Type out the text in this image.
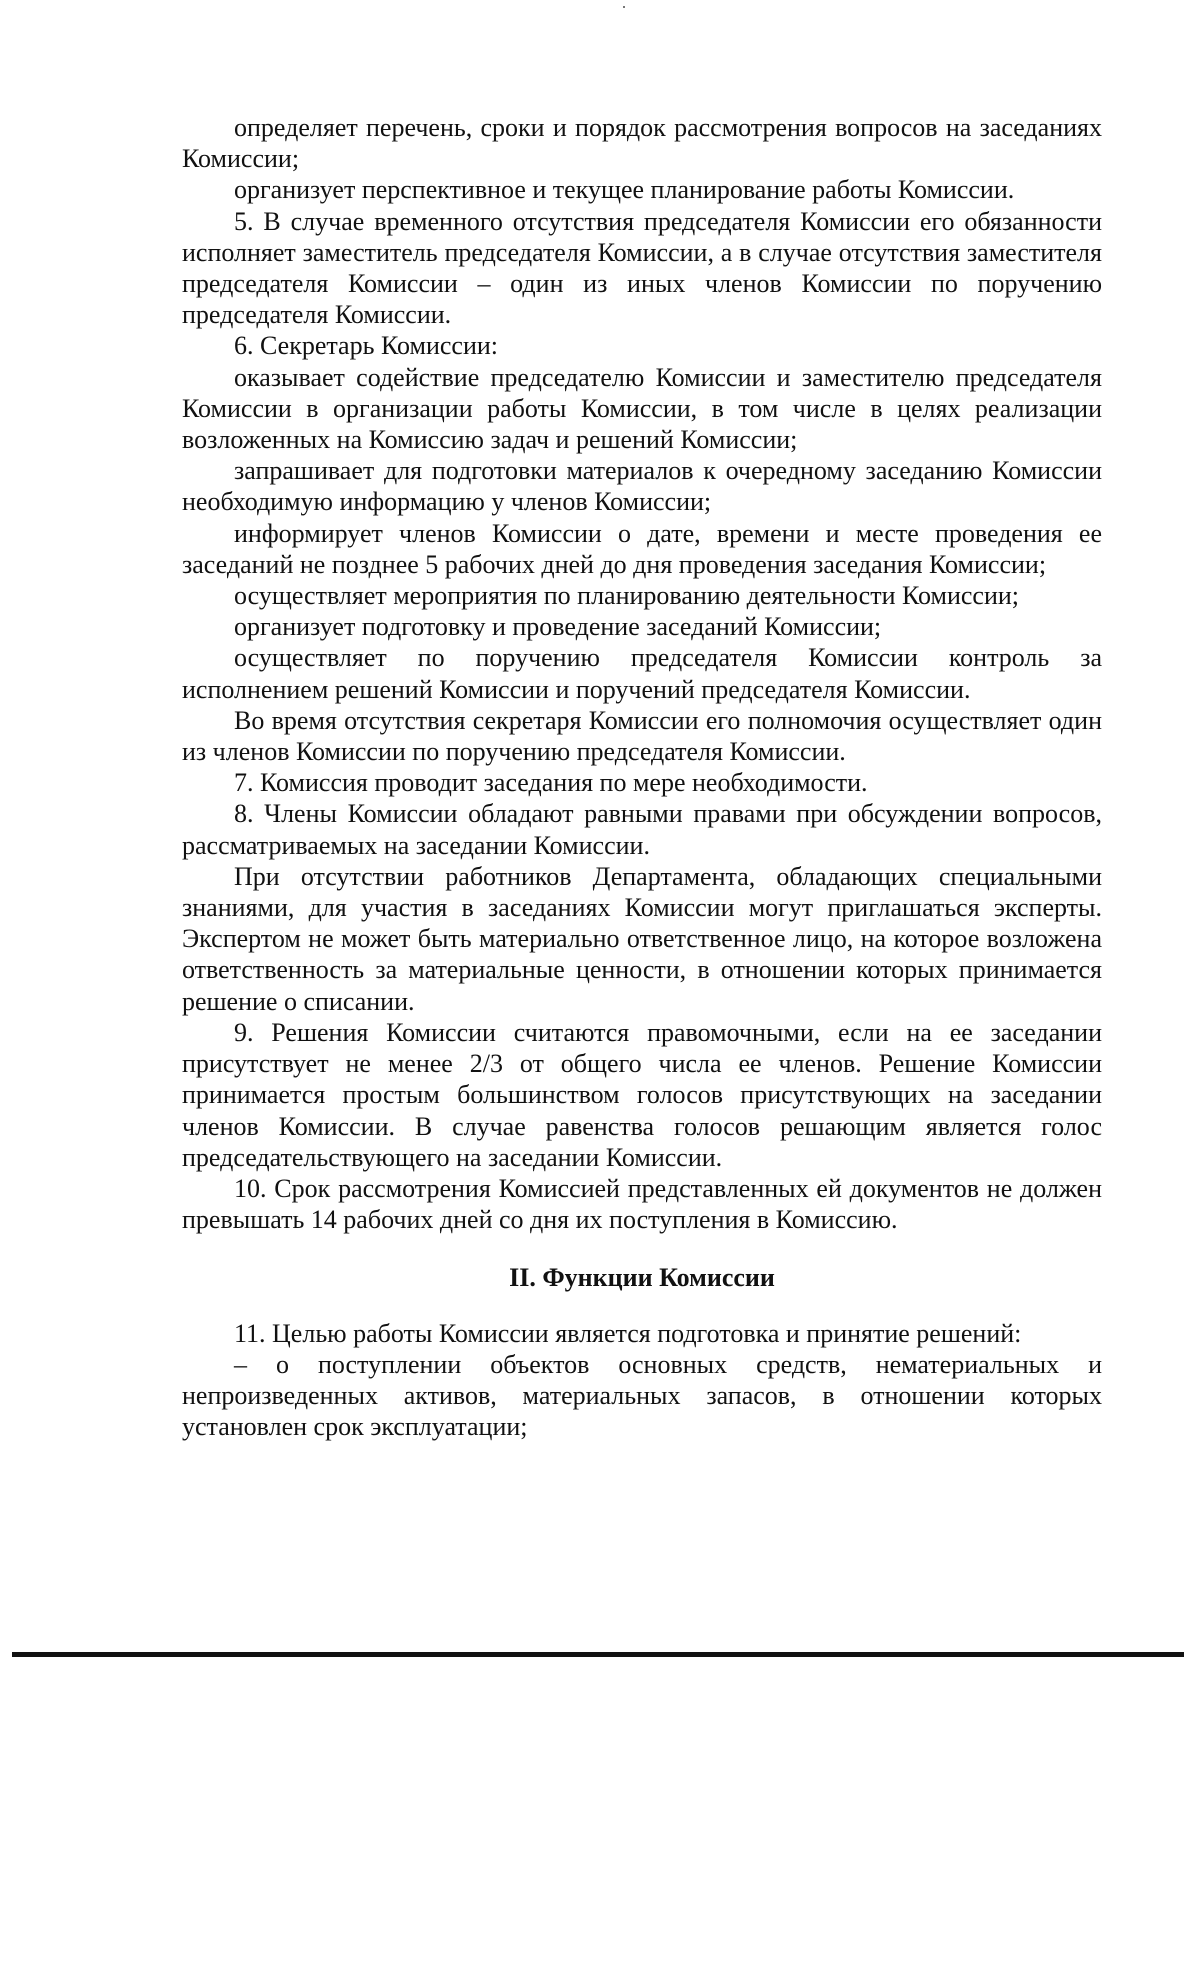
определяет перечень, сроки и порядок рассмотрения вопросов на заседаниях Комиссии;

организует перспективное и текущее планирование работы Комиссии.

5. В случае временного отсутствия председателя Комиссии его обязанности исполняет заместитель председателя Комиссии, а в случае отсутствия заместителя председателя Комиссии – один из иных членов Комиссии по поручению председателя Комиссии.

6. Секретарь Комиссии:

оказывает содействие председателю Комиссии и заместителю председателя Комиссии в организации работы Комиссии, в том числе в целях реализации возложенных на Комиссию задач и решений Комиссии;

запрашивает для подготовки материалов к очередному заседанию Комиссии необходимую информацию у членов Комиссии;

информирует членов Комиссии о дате, времени и месте проведения ее заседаний не позднее 5 рабочих дней до дня проведения заседания Комиссии;

осуществляет мероприятия по планированию деятельности Комиссии;

организует подготовку и проведение заседаний Комиссии;

осуществляет по поручению председателя Комиссии контроль за исполнением решений Комиссии и поручений председателя Комиссии.

Во время отсутствия секретаря Комиссии его полномочия осуществляет один из членов Комиссии по поручению председателя Комиссии.

7. Комиссия проводит заседания по мере необходимости.

8. Члены Комиссии обладают равными правами при обсуждении вопросов, рассматриваемых на заседании Комиссии.

При отсутствии работников Департамента, обладающих специальными знаниями, для участия в заседаниях Комиссии могут приглашаться эксперты. Экспертом не может быть материально ответственное лицо, на которое возложена ответственность за материальные ценности, в отношении которых принимается решение о списании.

9. Решения Комиссии считаются правомочными, если на ее заседании присутствует не менее 2/3 от общего числа ее членов. Решение Комиссии принимается простым большинством голосов присутствующих на заседании членов Комиссии. В случае равенства голосов решающим является голос председательствующего на заседании Комиссии.

10. Срок рассмотрения Комиссией представленных ей документов не должен превышать 14 рабочих дней со дня их поступления в Комиссию.

II. Функции Комиссии

11. Целью работы Комиссии является подготовка и принятие решений:

– о поступлении объектов основных средств, нематериальных и непроизведенных активов, материальных запасов, в отношении которых установлен срок эксплуатации;
